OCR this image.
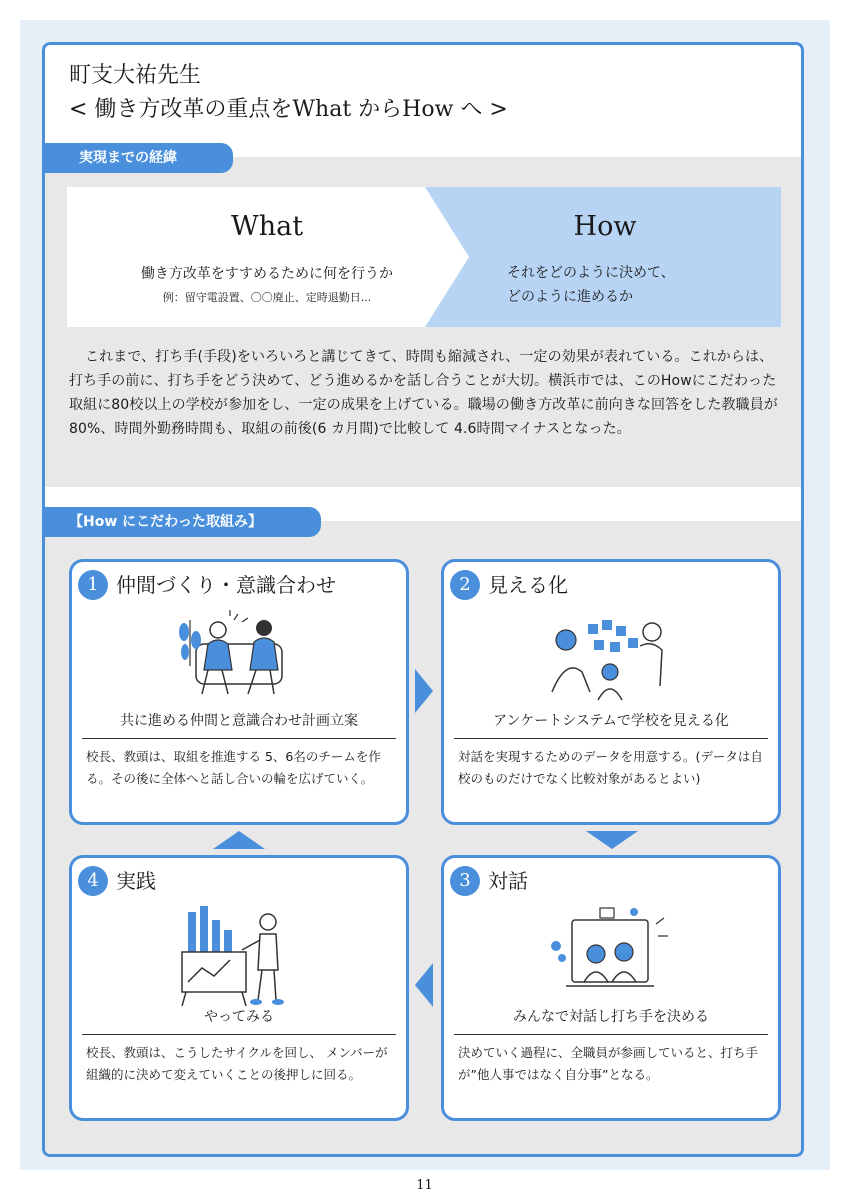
町支大祐先生
< 働き方改革の重点をWhat からHow へ >
実現までの経緯
What
働き方改革をすすめるために何を行うか
例：留守電設置、〇〇廃止、定時退勤日...
How
それをどのように決めて、
どのように進めるか
これまで、打ち手(手段)をいろいろと講じてきて、時間も縮減され、一定の効果が表れている。これからは、 打ち手の前に、打ち手をどう決めて、どう進めるかを話し合うことが大切。横浜市では、このHowにこだわった取組に80校以上の学校が参加をし、一定の成果を上げている。職場の働き方改革に前向きな回答をした教職員が 80%、時間外勤務時間も、取組の前後(6 カ月間)で比較して 4.6時間マイナスとなった。
【How にこだわった取組み】
1 仲間づくり・意識合わせ
共に進める仲間と意識合わせ計画立案
校長、教頭は、取組を推進する 5、6名のチームを作る。その後に全体へと話し合いの輪を広げていく。
2 見える化
アンケートシステムで学校を見える化
対話を実現するためのデータを用意する。(データは自校のものだけでなく比較対象があるとよい)
4 実践
やってみる
校長、教頭は、こうしたサイクルを回し、 メンバーが組織的に決めて変えていくことの後押しに回る。
3 対話
みんなで対話し打ち手を決める
決めていく過程に、全職員が参画していると、打ち手が”他人事ではなく自分事”となる。
11
